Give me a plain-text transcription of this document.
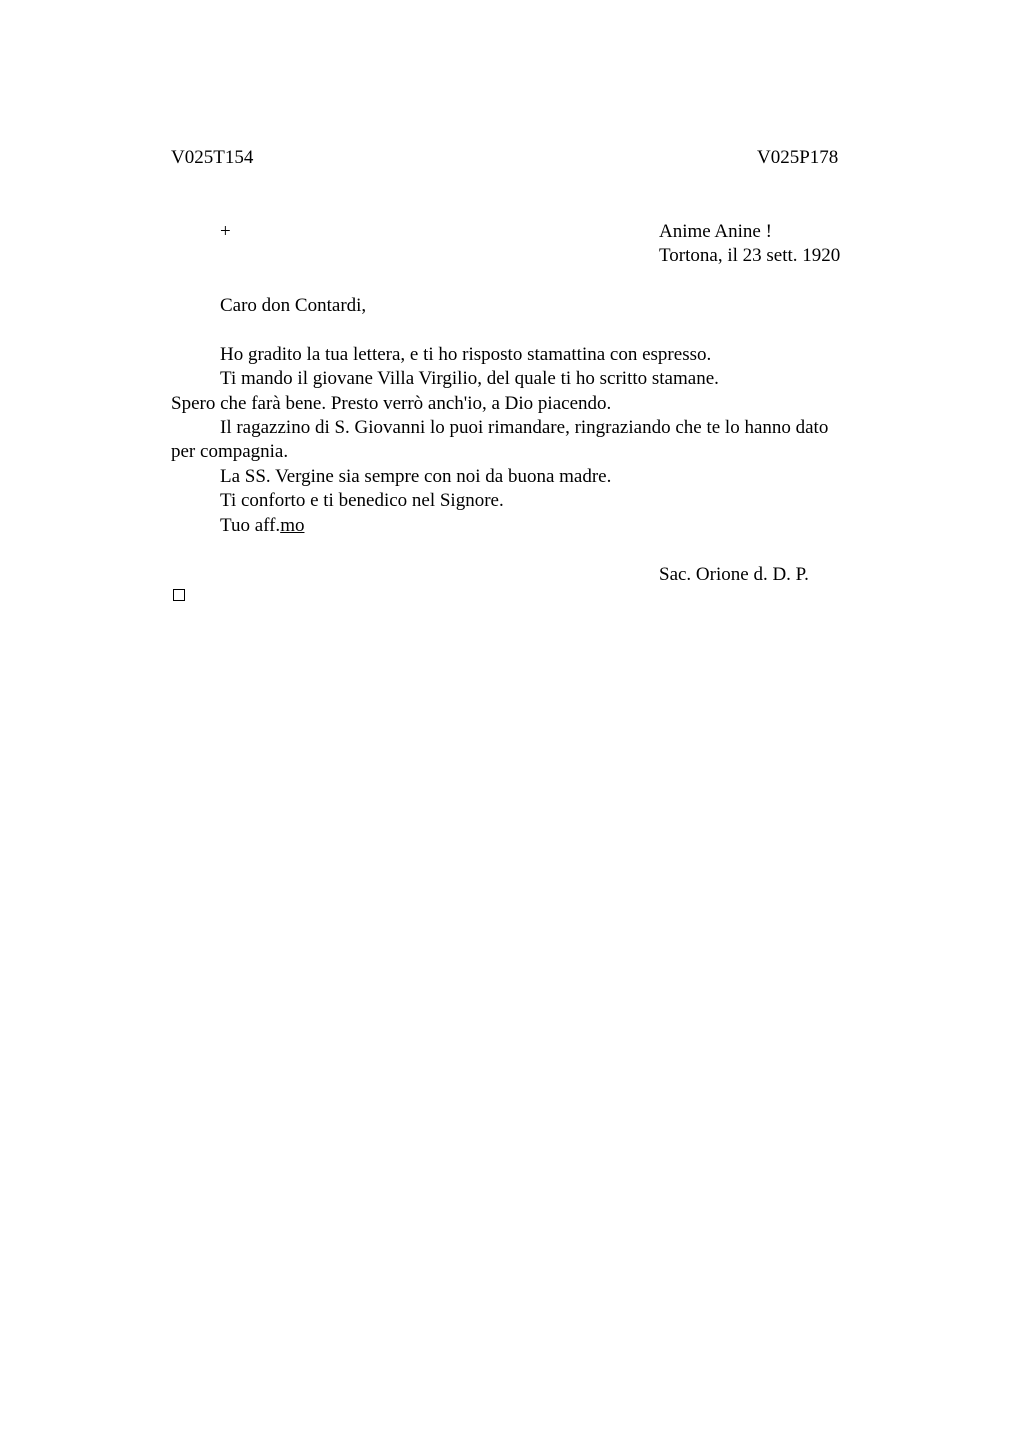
V025T154	V025P178
+	Anime Anine !
Tortona, il 23 sett. 1920
Caro don Contardi,
Ho gradito la tua lettera, e ti ho risposto stamattina con espresso.
Ti mando il giovane Villa Virgilio, del quale ti ho scritto stamane.
Spero che farà bene. Presto verrò anch'io, a Dio piacendo.
Il ragazzino di S. Giovanni lo puoi rimandare, ringraziando che te lo hanno dato
per compagnia.
La SS. Vergine sia sempre con noi da buona madre.
Ti conforto e ti benedico nel Signore.
Tuo aff.mo
Sac. Orione d. D. P.
